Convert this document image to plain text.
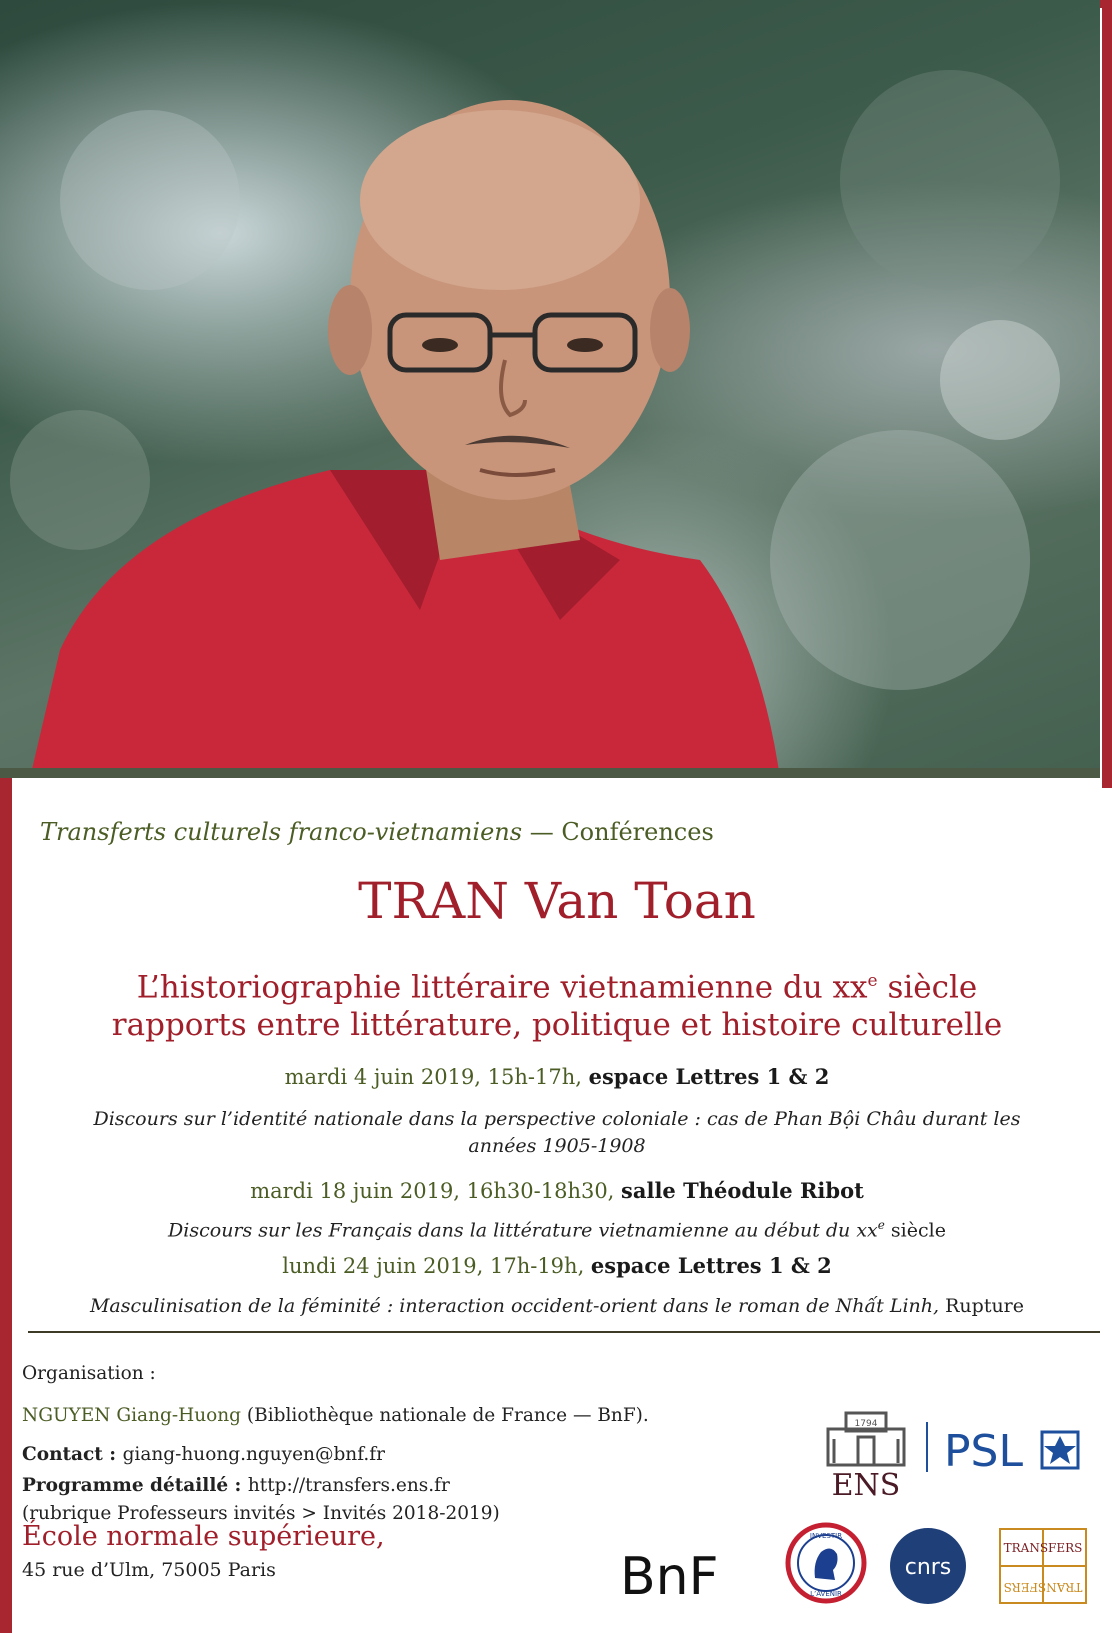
Transferts culturels franco-vietnamiens — Conférences
TRAN Van Toan
L’historiographie littéraire vietnamienne du $xx^e$ siècle
rapports entre littérature, politique et histoire culturelle
mardi 4 juin 2019, 15h-17h, espace Lettres 1 & 2
Discours sur l’identité nationale dans la perspective coloniale : cas de Phan Bội Châu durant les
années 1905-1908
mardi 18 juin 2019, 16h30-18h30, salle Théodule Ribot
Discours sur les Français dans la littérature vietnamienne au début du $xx^e$ siècle
lundi 24 juin 2019, 17h-19h, espace Lettres 1 & 2
Masculinisation de la féminité : interaction occident-orient dans le roman de Nhất Linh, Rupture
Organisation :
NGUYEN Giang-Huong (Bibliothèque nationale de France — BnF).
Contact : giang-huong.nguyen@bnf.fr
Programme détaillé : http://transfers.ens.fr
(rubrique Professeurs invités > Invités 2018-2019)
École normale supérieure,
45 rue d’Ulm, 75005 Paris
1794
ENS
PSL
BnF
INVESTIR
L’AVENIR
cnrs
TRANSFERS
TRANSFERS
